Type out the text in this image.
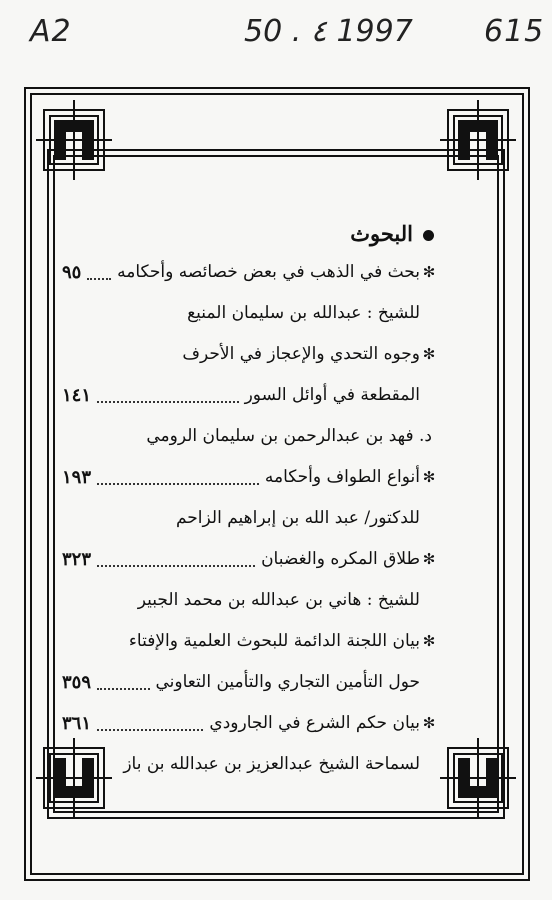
A2	50 . ٤ 1997 615
البحوث
✻
بحث في الذهب في بعض خصائصه وأحكامه
٩٥
للشيخ : عبدالله بن سليمان المنيع
✻
وجوه التحدي والإعجاز في الأحرف
المقطعة في أوائل السور
١٤١
د. فهد بن عبدالرحمن بن سليمان الرومي
✻
أنواع الطواف وأحكامه
١٩٣
للدكتور/ عبد الله بن إبراهيم الزاحم
✻
طلاق المكره والغضبان
٣٢٣
للشيخ : هاني بن عبدالله بن محمد الجبير
✻
بيان اللجنة الدائمة للبحوث العلمية والإفتاء
حول التأمين التجاري والتأمين التعاوني
٣٥٩
✻
بيان حكم الشرع في الجارودي
٣٦١
لسماحة الشيخ عبدالعزيز بن عبدالله بن باز
